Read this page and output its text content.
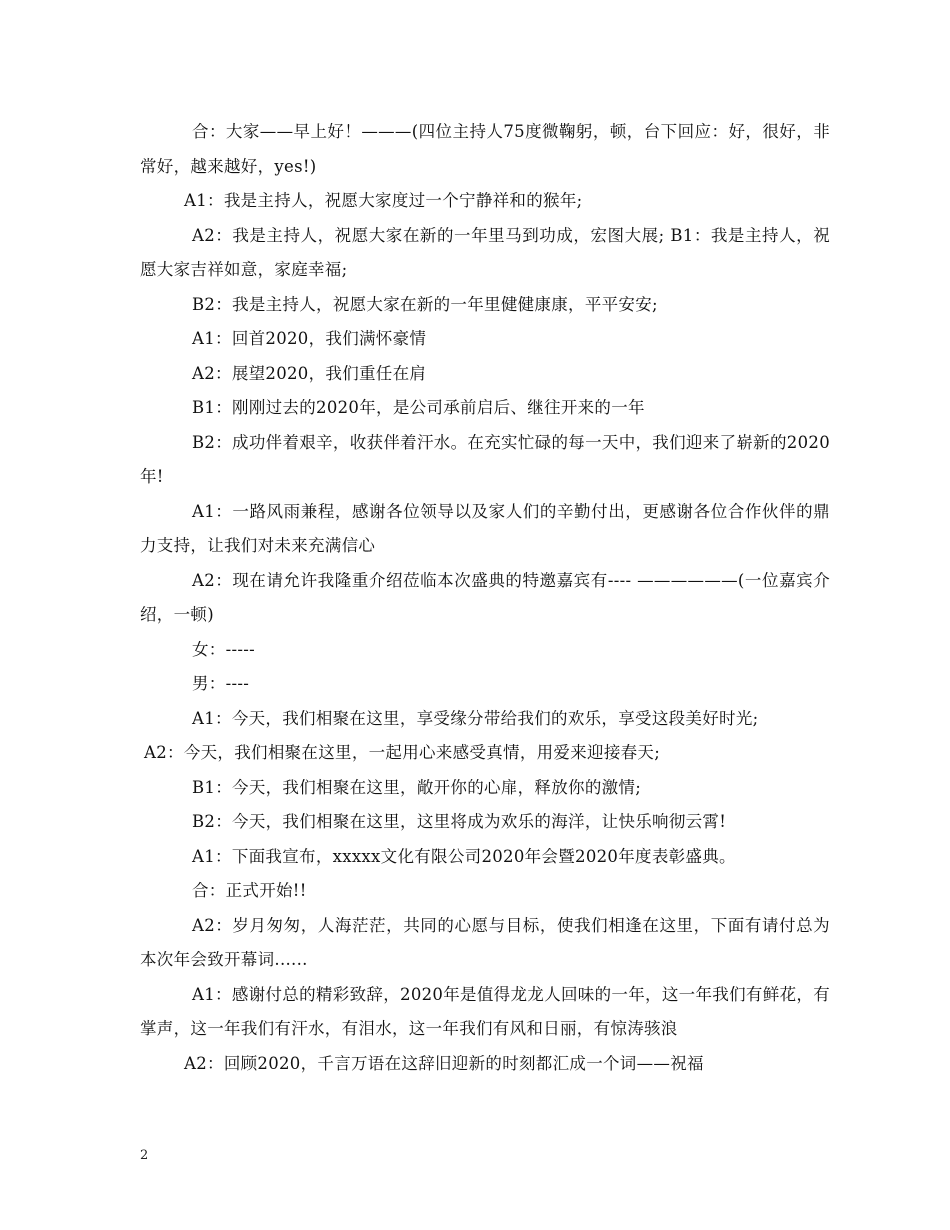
合：大家——早上好！———(四位主持人75度微鞠躬，顿，台下回应：好，很好，非常好，越来越好，yes!)

A1：我是主持人，祝愿大家度过一个宁静祥和的猴年;

A2：我是主持人，祝愿大家在新的一年里马到功成，宏图大展; B1：我是主持人，祝愿大家吉祥如意，家庭幸福;

B2：我是主持人，祝愿大家在新的一年里健健康康，平平安安;

A1：回首2020，我们满怀豪情

A2：展望2020，我们重任在肩

B1：刚刚过去的2020年，是公司承前启后、继往开来的一年

B2：成功伴着艰辛，收获伴着汗水。在充实忙碌的每一天中，我们迎来了崭新的2020年!

A1：一路风雨兼程，感谢各位领导以及家人们的辛勤付出，更感谢各位合作伙伴的鼎力支持，让我们对未来充满信心

A2：现在请允许我隆重介绍莅临本次盛典的特邀嘉宾有---- ——————(一位嘉宾介绍，一顿)

女：-----

男：----

A1：今天，我们相聚在这里，享受缘分带给我们的欢乐，享受这段美好时光;

A2：今天，我们相聚在这里，一起用心来感受真情，用爱来迎接春天;

B1：今天，我们相聚在这里，敞开你的心扉，释放你的激情;

B2：今天，我们相聚在这里，这里将成为欢乐的海洋，让快乐响彻云霄!

A1：下面我宣布，xxxxx文化有限公司2020年会暨2020年度表彰盛典。

合：正式开始!!

A2：岁月匆匆，人海茫茫，共同的心愿与目标，使我们相逢在这里，下面有请付总为本次年会致开幕词......

A1：感谢付总的精彩致辞，2020年是值得龙龙人回味的一年，这一年我们有鲜花，有掌声，这一年我们有汗水，有泪水，这一年我们有风和日丽，有惊涛骇浪

A2：回顾2020，千言万语在这辞旧迎新的时刻都汇成一个词——祝福

2
